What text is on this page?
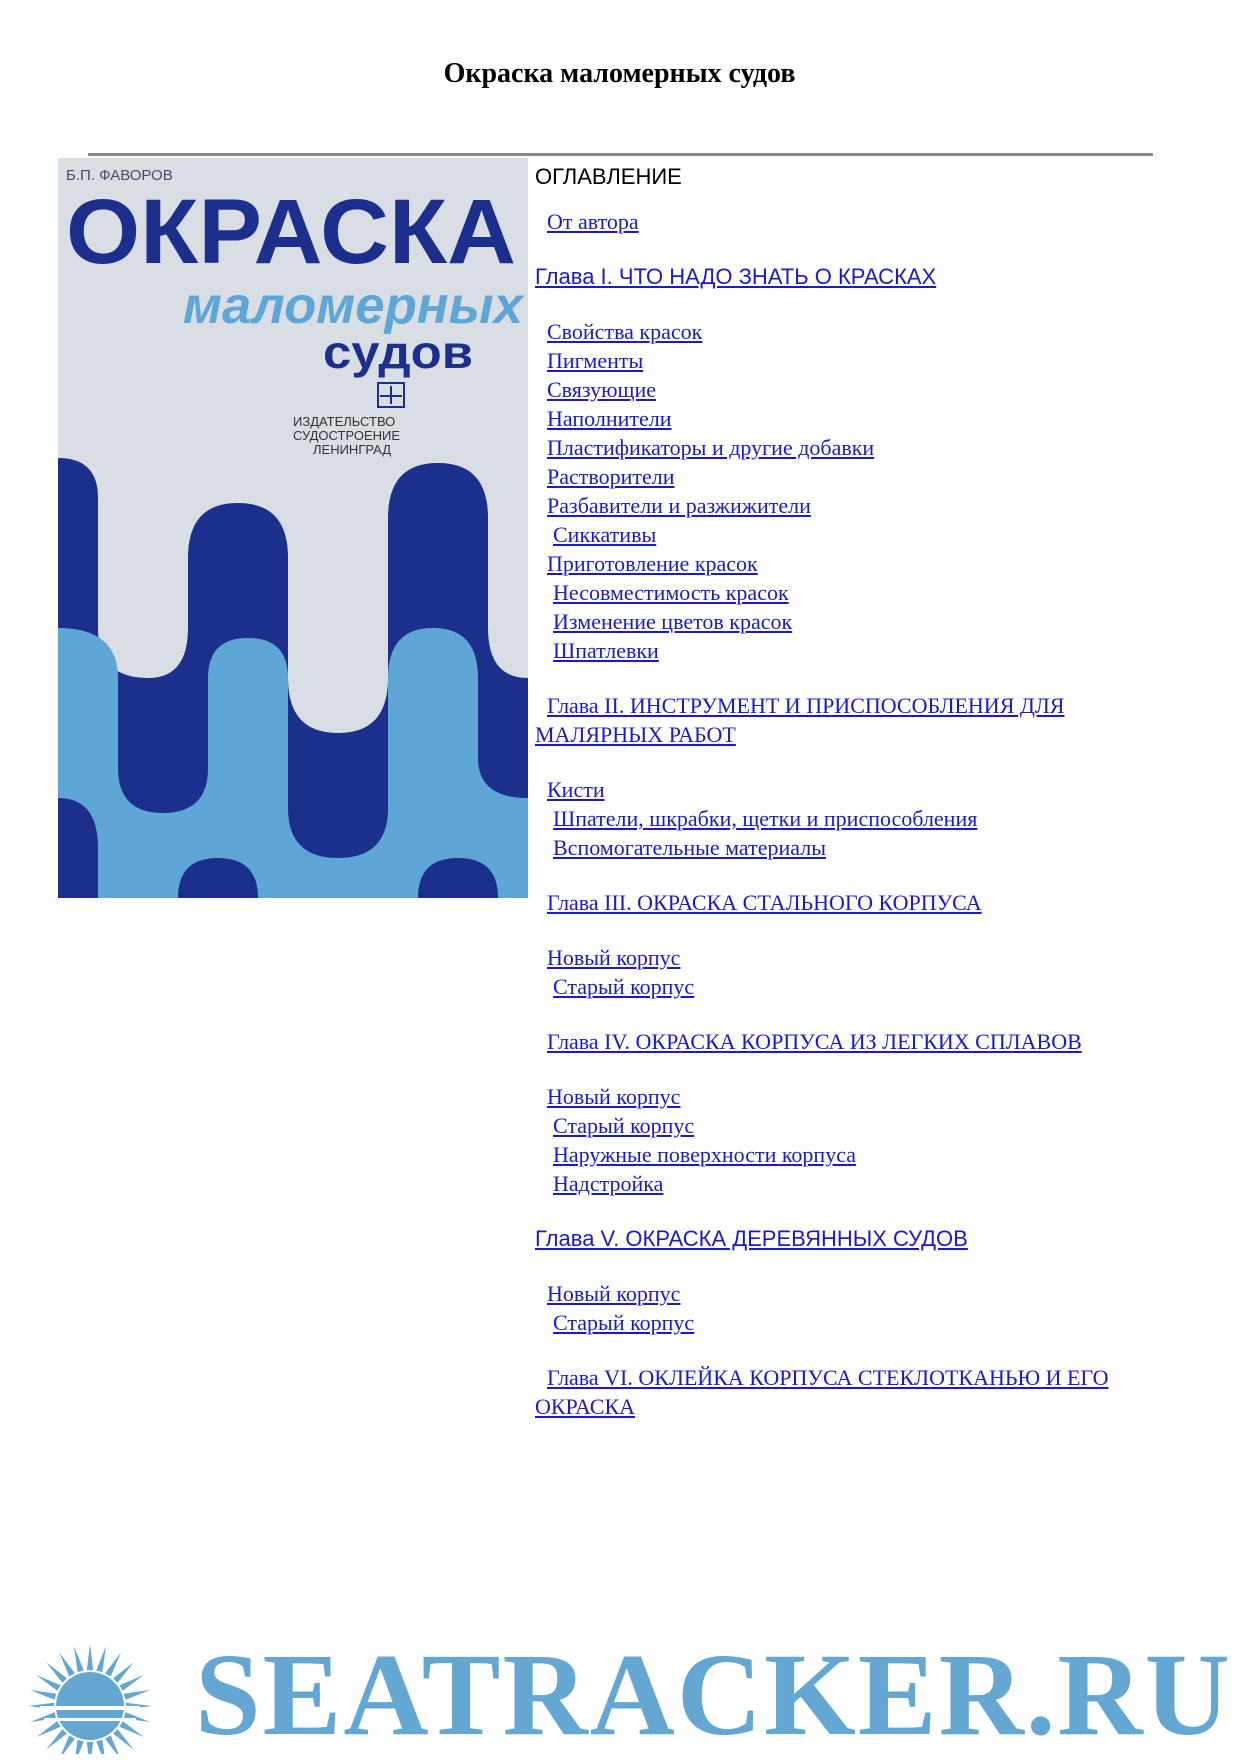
Окраска маломерных судов
Б.П. ФАВОРОВ
ОКРАСКА
маломерных
судов
ИЗДАТЕЛЬСТВО
СУДОСТРОЕНИЕ
ЛЕНИНГРАД
ОГЛАВЛЕНИЕ
От автора
Глава I. ЧТО НАДО ЗНАТЬ О КРАСКАХ
Свойства красок
Пигменты
Связующие
Наполнители
Пластификаторы и другие добавки
Растворители
Разбавители и разжижители
Сиккативы
Приготовление красок
Несовместимость красок
Изменение цветов красок
Шпатлевки
Глава II. ИНСТРУМЕНТ И ПРИСПОСОБЛЕНИЯ ДЛЯ МАЛЯРНЫХ РАБОТ
Кисти
Шпатели, шкрабки, щетки и приспособления
Вспомогательные материалы
Глава III. ОКРАСКА СТАЛЬНОГО КОРПУСА
Новый корпус
Старый корпус
Глава IV. ОКРАСКА КОРПУСА ИЗ ЛЕГКИХ СПЛАВОВ
Новый корпус
Старый корпус
Наружные поверхности корпуса
Надстройка
Глава V. ОКРАСКА ДЕРЕВЯННЫХ СУДОВ
Новый корпус
Старый корпус
Глава VI. ОКЛЕЙКА КОРПУСА СТЕКЛОТКАНЬЮ И ЕГО ОКРАСКА
SEATRACKER.RU
